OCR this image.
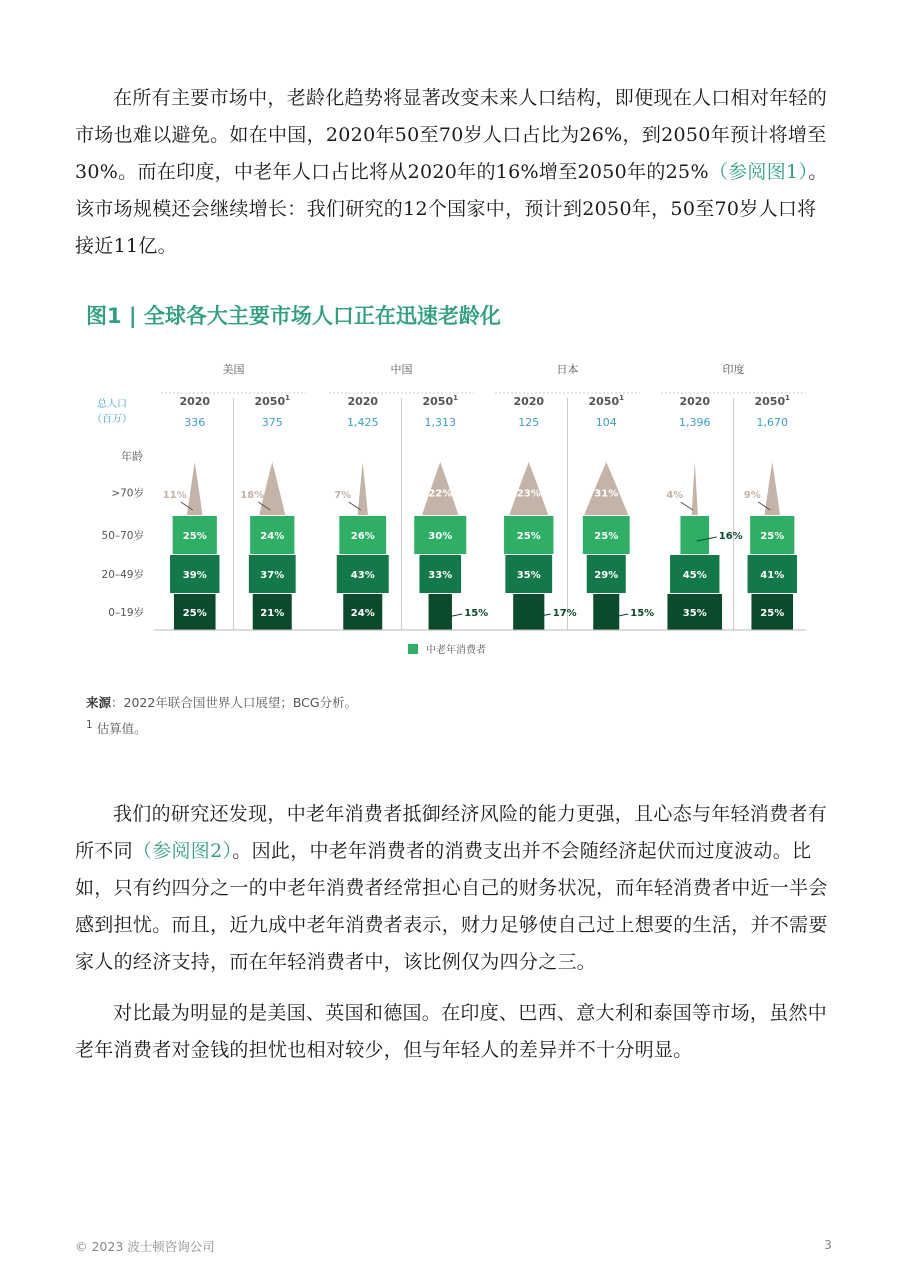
在所有主要市场中，老龄化趋势将显著改变未来人口结构，即便现在人口相对年轻的市场也难以避免。如在中国，2020年50至70岁人口占比为26%，到2050年预计将增至30%。而在印度，中老年人口占比将从2020年的16%增至2050年的25%（参阅图1）。该市场规模还会继续增长：我们研究的12个国家中，预计到2050年，50至70岁人口将接近11亿。

图1 | 全球各大主要市场人口正在迅速老龄化
总人口
（百万）
年龄
>70岁
50–70岁
20–49岁
0–19岁
美国
2020
336
11%
25%
39%
25%
2050$^1$
375
18%
24%
37%
21%
中国
2020
1,425
7%
26%
43%
24%
2050$^1$
1,313
22%
30%
33%
15%
日本
2020
125
23%
25%
35%
17%
2050$^1$
104
31%
25%
29%
15%
印度
2020
1,396
4%
16%
45%
35%
2050$^1$
1,670
9%
25%
41%
25%
中老年消费者
来源：2022年联合国世界人口展望；BCG分析。
$^1$ 估算值。

我们的研究还发现，中老年消费者抵御经济风险的能力更强，且心态与年轻消费者有所不同（参阅图2）。因此，中老年消费者的消费支出并不会随经济起伏而过度波动。比如，只有约四分之一的中老年消费者经常担心自己的财务状况，而年轻消费者中近一半会感到担忧。而且，近九成中老年消费者表示，财力足够使自己过上想要的生活，并不需要家人的经济支持，而在年轻消费者中，该比例仅为四分之三。

对比最为明显的是美国、英国和德国。在印度、巴西、意大利和泰国等市场，虽然中老年消费者对金钱的担忧也相对较少，但与年轻人的差异并不十分明显。

© 2023 波士顿咨询公司	3
